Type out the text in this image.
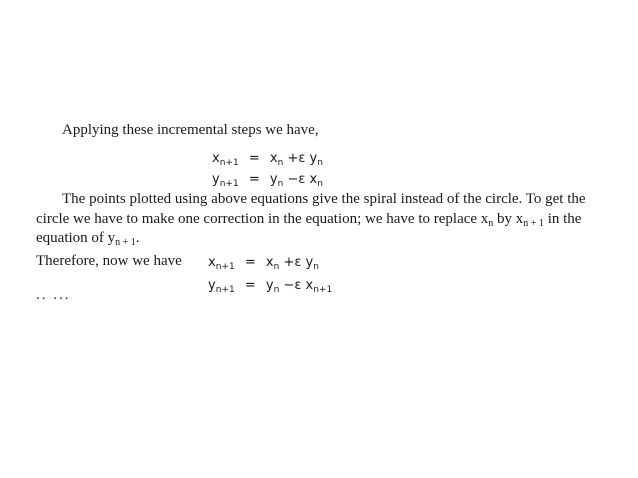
Applying these incremental steps we have,
$x_{n+1} = x_n +\varepsilon$ $y_n$
$y_{n+1} = y_n -\varepsilon$ $x_n$
The points plotted using above equations give the spiral instead of the circle. To get the
circle we have to make one correction in the equation; we have to replace $x_n$ by $x_{n + 1}$ in the
equation of $y_{n + 1}$.
Therefore, now we have $x_{n+1} = x_n +\varepsilon$ $y_n$
$y_{n+1} = y_n -\varepsilon$ $x_{n+1}$
.. ...
